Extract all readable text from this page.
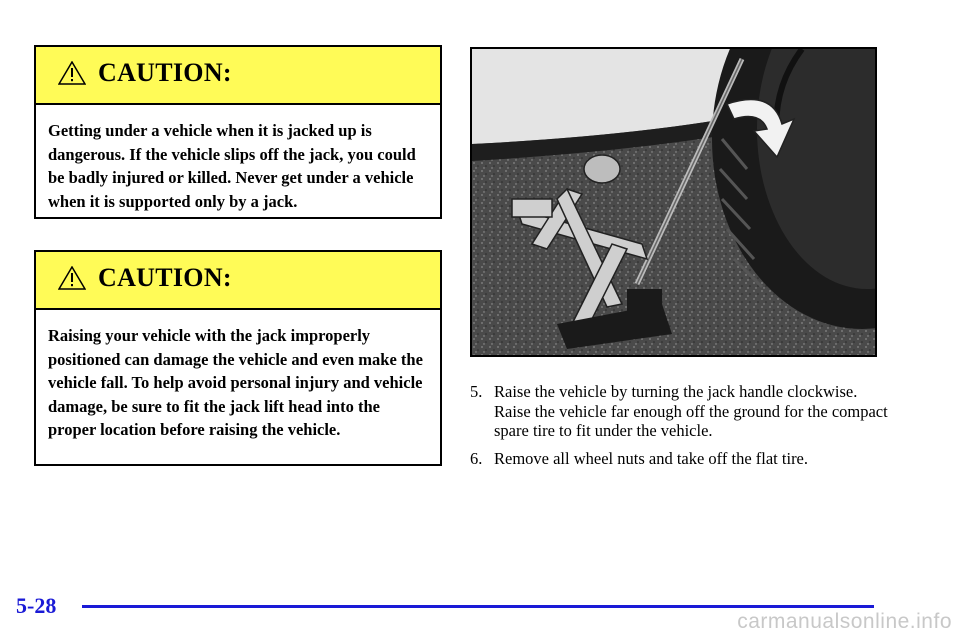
CAUTION:
Getting under a vehicle when it is jacked up is dangerous. If the vehicle slips off the jack, you could be badly injured or killed. Never get under a vehicle when it is supported only by a jack.
CAUTION:
Raising your vehicle with the jack improperly positioned can damage the vehicle and even make the vehicle fall. To help avoid personal injury and vehicle damage, be sure to fit the jack lift head into the proper location before raising the vehicle.
5. Raise the vehicle by turning the jack handle clockwise. Raise the vehicle far enough off the ground for the compact spare tire to fit under the vehicle.
6. Remove all wheel nuts and take off the flat tire.
5-28
carmanualsonline.info
